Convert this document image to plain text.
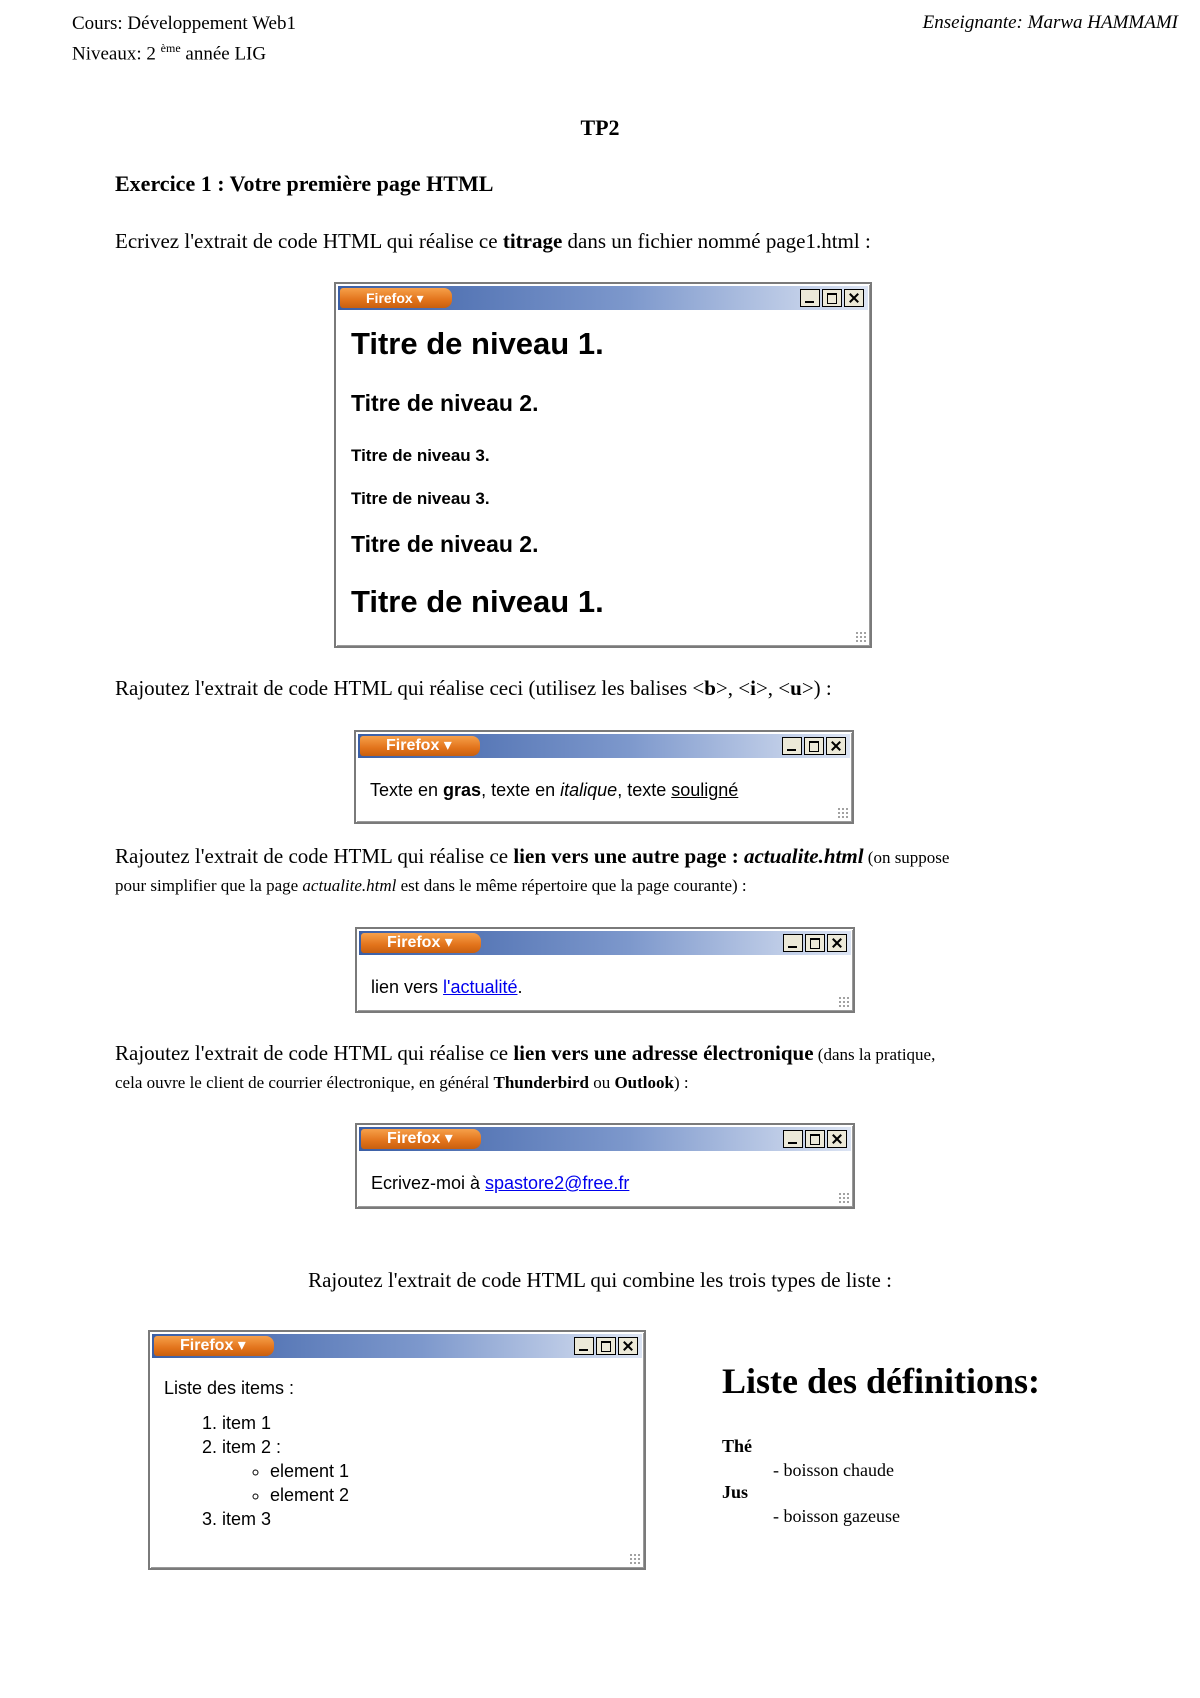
Cours: Développement Web1
Niveaux: 2 $^{ème}$ année LIG
Enseignante: Marwa HAMMAMI
TP2
Exercice 1 : Votre première page HTML
Ecrivez l'extrait de code HTML qui réalise ce titrage dans un fichier nommé page1.html :
Firefox ▾
Titre de niveau 1.
Titre de niveau 2.
Titre de niveau 3.
Titre de niveau 3.
Titre de niveau 2.
Titre de niveau 1.
Rajoutez l'extrait de code HTML qui réalise ceci (utilisez les balises <b>, <i>, <u>) :
Firefox ▾
Texte en gras, texte en italique, texte souligné
Rajoutez l'extrait de code HTML qui réalise ce lien vers une autre page : actualite.html (on suppose
pour simplifier que la page actualite.html est dans le même répertoire que la page courante) :
Firefox ▾
lien vers l'actualité.
Rajoutez l'extrait de code HTML qui réalise ce lien vers une adresse électronique (dans la pratique,
cela ouvre le client de courrier électronique, en général Thunderbird ou Outlook) :
Firefox ▾
Ecrivez-moi à spastore2@free.fr
Rajoutez l'extrait de code HTML qui combine les trois types de liste :
Firefox ▾
Liste des items :
1. item 1
2. item 2 :
◦ element 1
◦ element 2
3. item 3
Liste des définitions:
Thé
- boisson chaude
Jus
- boisson gazeuse
